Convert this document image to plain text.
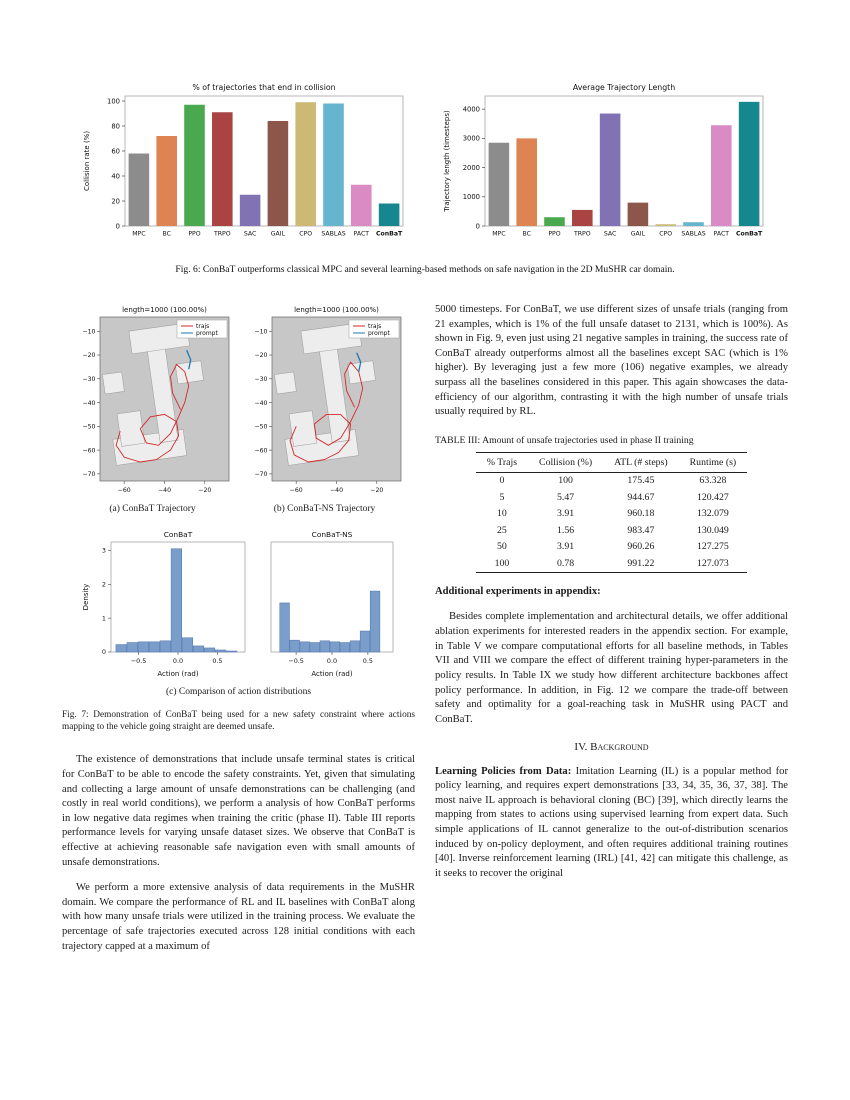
0
20
40
60
80
100
Collision rate (%)
MPC	BC	PPO TRPO SAC GAIL CPO SABLAS PACT ConBaT
% of trajectories that end in collision
0
1000
2000
3000
4000
Trajectory length (timesteps)
MPC	BC	PPO TRPO SAC GAIL CPO SABLAS PACT ConBaT
Average Trajectory Length
Fig. 6: ConBaT outperforms classical MPC and several learning-based methods on safe navigation in the 2D MuSHR car domain.
length=1000 (100.00%)
trajs
prompt
−10
−20
−30
−40
−50
−60
−70
−60	−40	−20
(a) ConBaT Trajectory
length=1000 (100.00%)
trajs
prompt
−10
−20
−30
−40
−50
−60
−70
−60	−40	−20
(b) ConBaT-NS Trajectory
−0.5	0.0	0.5
Action (rad)
0
1
2
3
Density
ConBaT
−0.5	0.0	0.5
Action (rad)
ConBaT-NS
(c) Comparison of action distributions
Fig. 7: Demonstration of ConBaT being used for a new safety constraint where actions mapping to the vehicle going straight are deemed unsafe.

The existence of demonstrations that include unsafe terminal states is critical for ConBaT to be able to encode the safety constraints. Yet, given that simulating and collecting a large amount of unsafe demonstrations can be challenging (and costly in real world conditions), we perform a analysis of how ConBaT performs in low negative data regimes when training the critic (phase II). Table III reports performance levels for varying unsafe dataset sizes. We observe that ConBaT is effective at achieving reasonable safe navigation even with small amounts of unsafe demonstrations.

We perform a more extensive analysis of data requirements in the MuSHR domain. We compare the performance of RL and IL baselines with ConBaT along with how many unsafe trials were utilized in the training process. We evaluate the percentage of safe trajectories executed across 128 initial conditions with each trajectory capped at a maximum of

5000 timesteps. For ConBaT, we use different sizes of unsafe trials (ranging from 21 examples, which is 1% of the full unsafe dataset to 2131, which is 100%). As shown in Fig. 9, even just using 21 negative samples in training, the success rate of ConBaT already outperforms almost all the baselines except SAC (which is 1% higher). By leveraging just a few more (106) negative examples, we already surpass all the baselines considered in this paper. This again showcases the data-efficiency of our algorithm, contrasting it with the high number of unsafe trials usually required by RL.

TABLE III: Amount of unsafe trajectories used in phase II training
% Trajs	Collision (%)	ATL (# steps)	Runtime (s)
0	100	175.45	63.328
5	5.47	944.67	120.427
10	3.91	960.18	132.079
25	1.56	983.47	130.049
50	3.91	960.26	127.275
100	0.78	991.22	127.073

Additional experiments in appendix:

Besides complete implementation and architectural details, we offer additional ablation experiments for interested readers in the appendix section. For example, in Table V we compare computational efforts for all baseline methods, in Tables VII and VIII we compare the effect of different training hyper-parameters in the policy results. In Table IX we study how different architecture backbones affect policy performance. In addition, in Fig. 12 we compare the trade-off between safety and optimality for a goal-reaching task in MuSHR using PACT and ConBaT.

IV. Background

Learning Policies from Data: Imitation Learning (IL) is a popular method for policy learning, and requires expert demonstrations [33, 34, 35, 36, 37, 38]. The most naive IL approach is behavioral cloning (BC) [39], which directly learns the mapping from states to actions using supervised learning from expert data. Such simple applications of IL cannot generalize to the out-of-distribution scenarios induced by on-policy deployment, and often requires additional training routines [40]. Inverse reinforcement learning (IRL) [41, 42] can mitigate this challenge, as it seeks to recover the original
